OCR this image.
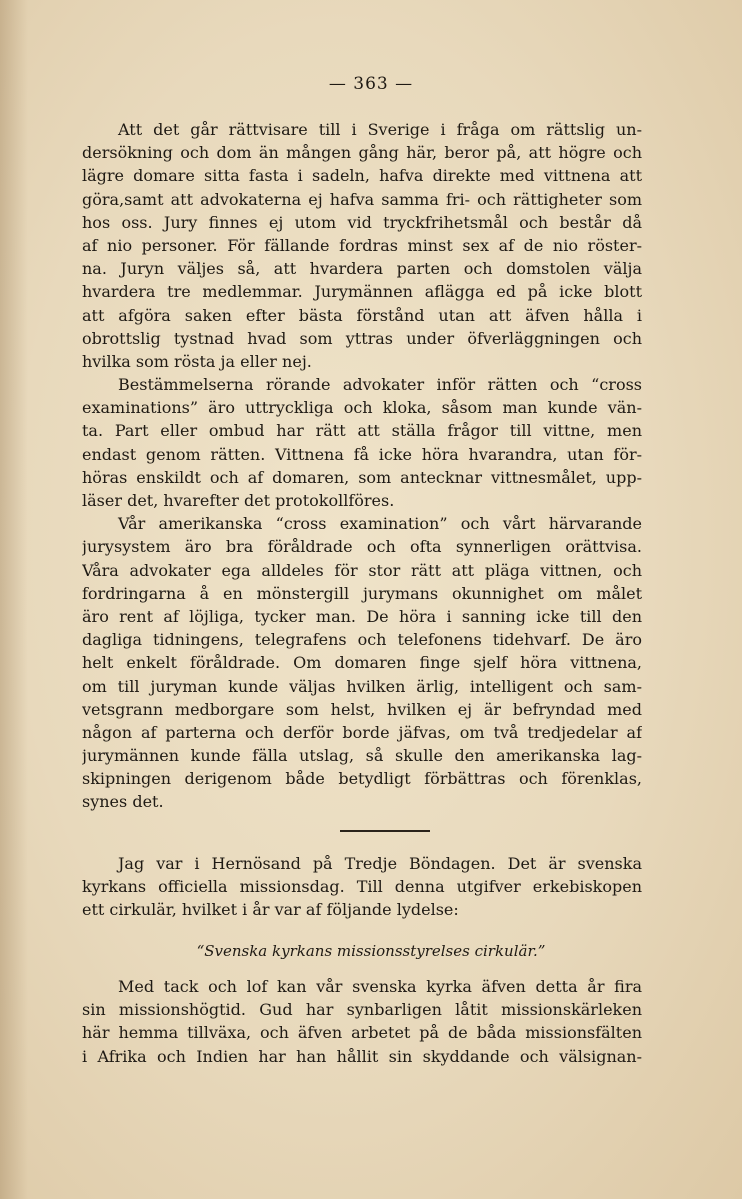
— 363 —
Att det går rättvisare till i Sverige i fråga om rättslig un-
dersökning och dom än mången gång här, beror på, att högre och
lägre domare sitta fasta i sadeln, hafva direkte med vittnena att
göra,samt att advokaterna ej hafva samma fri- och rättigheter som
hos oss. Jury finnes ej utom vid tryckfrihetsmål och består då
af nio personer. För fällande fordras minst sex af de nio röster-
na. Juryn väljes så, att hvardera parten och domstolen välja
hvardera tre medlemmar. Jurymännen aflägga ed på icke blott
att afgöra saken efter bästa förstånd utan att äfven hålla i
obrottslig tystnad hvad som yttras under öfverläggningen och
hvilka som rösta ja eller nej.
Bestämmelserna rörande advokater inför rätten och “cross
examinations” äro uttryckliga och kloka, såsom man kunde vän-
ta. Part eller ombud har rätt att ställa frågor till vittne, men
endast genom rätten. Vittnena få icke höra hvarandra, utan för-
höras enskildt och af domaren, som antecknar vittnesmålet, upp-
läser det, hvarefter det protokollföres.
Vår amerikanska “cross examination” och vårt härvarande
jurysystem äro bra föråldrade och ofta synnerligen orättvisa.
Våra advokater ega alldeles för stor rätt att pläga vittnen, och
fordringarna å en mönstergill jurymans okunnighet om målet
äro rent af löjliga, tycker man. De höra i sanning icke till den
dagliga tidningens, telegrafens och telefonens tidehvarf. De äro
helt enkelt föråldrade. Om domaren finge sjelf höra vittnena,
om till juryman kunde väljas hvilken ärlig, intelligent och sam-
vetsgrann medborgare som helst, hvilken ej är befryndad med
någon af parterna och derför borde jäfvas, om två tredjedelar af
jurymännen kunde fälla utslag, så skulle den amerikanska lag-
skipningen derigenom både betydligt förbättras och förenklas,
synes det.
Jag var i Hernösand på Tredje Böndagen. Det är svenska
kyrkans officiella missionsdag. Till denna utgifver erkebiskopen
ett cirkulär, hvilket i år var af följande lydelse:
“Svenska kyrkans missionsstyrelses cirkulär.”
Med tack och lof kan vår svenska kyrka äfven detta år fira
sin missionshögtid. Gud har synbarligen låtit missionskärleken
här hemma tillväxa, och äfven arbetet på de båda missionsfälten
i Afrika och Indien har han hållit sin skyddande och välsignan-
